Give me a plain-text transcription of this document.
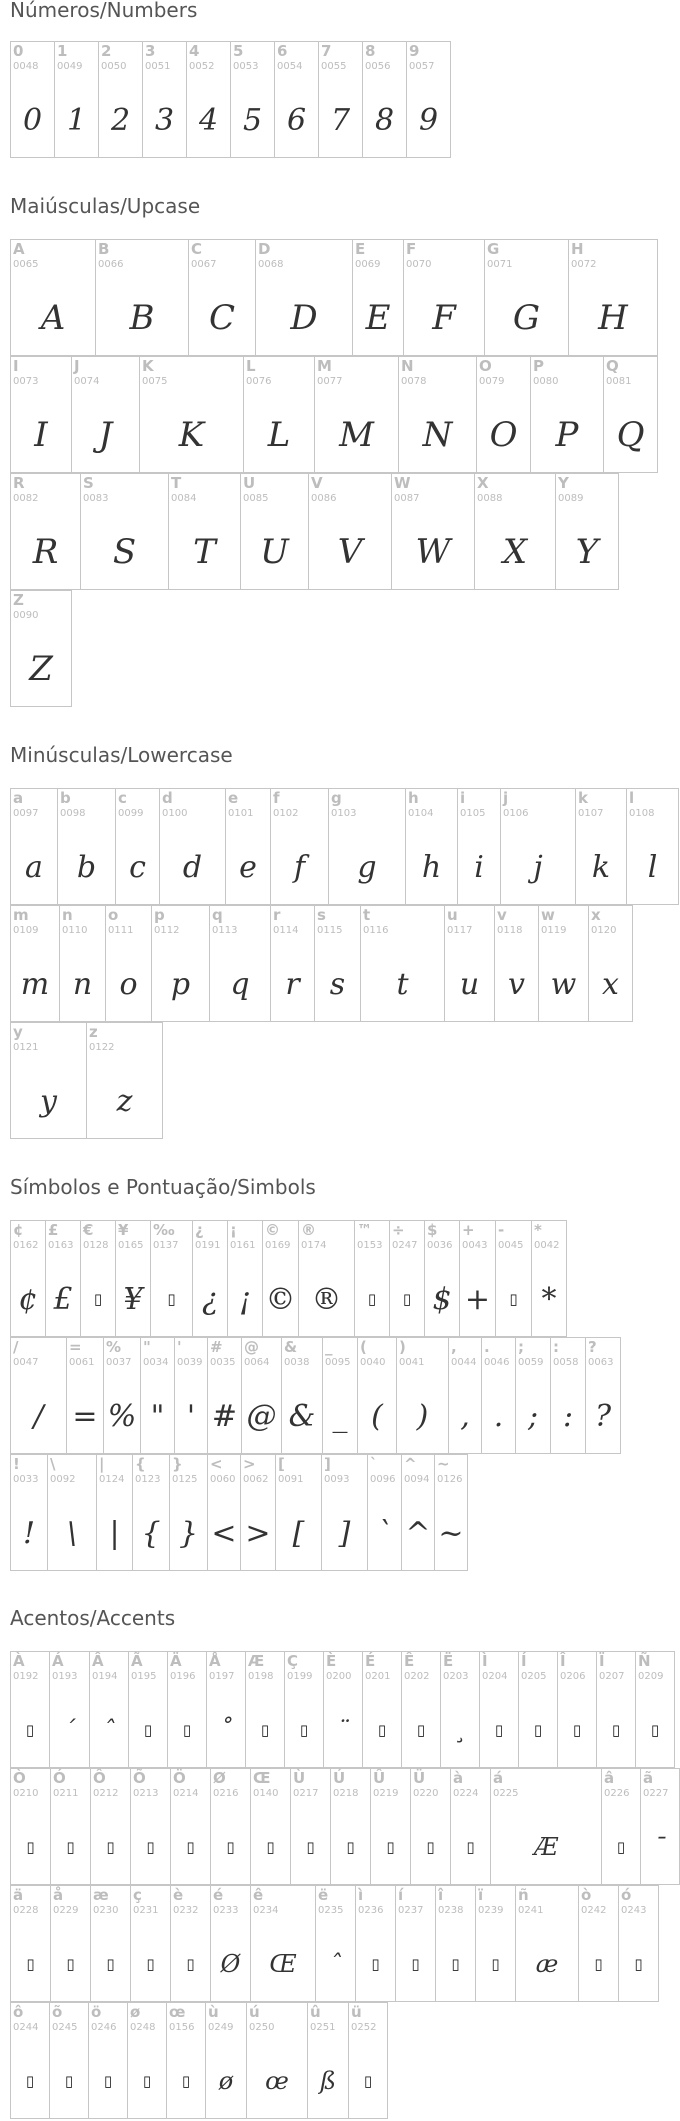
Números/Numbers
Maiúsculas/Upcase
Minúsculas/Lowercase
Símbolos e Pontuação/Simbols
Acentos/Accents
0
0048
0
1
0049
1
2
0050
2
3
0051
3
4
0052
4
5
0053
5
6
0054
6
7
0055
7
8
0056
8
9
0057
9
A
0065
A
B
0066
B
C
0067
C
D
0068
D
E
0069
E
F
0070
F
G
0071
G
H
0072
H
I
0073
I
J
0074
J
K
0075
K
L
0076
L
M
0077
M
N
0078
N
O
0079
O
P
0080
P
Q
0081
Q
R
0082
R
S
0083
S
T
0084
T
U
0085
U
V
0086
V
W
0087
W
X
0088
X
Y
0089
Y
Z
0090
Z
a
0097
a
b
0098
b
c
0099
c
d
0100
d
e
0101
e
f
0102
f
g
0103
g
h
0104
h
i
0105
i
j
0106
j
k
0107
k
l
0108
l
m
0109
m
n
0110
n
o
0111
o
p
0112
p
q
0113
q
r
0114
r
s
0115
s
t
0116
t
u
0117
u
v
0118
v
w
0119
w
x
0120
x
y
0121
y
z
0122
z
¢
0162
¢
£
0163
£
€
0128
▯
¥
0165
¥
‰
0137
▯
¿
0191
¿
¡
0161
¡
©
0169
©
®
0174
®
™
0153
▯
÷
0247
▯
$
0036
$
+
0043
+
-
0045
▯
*
0042
*
/
0047
/
=
0061
=
%
0037
%
"
0034
"
'
0039
'
#
0035
#
@
0064
@
&
0038
&
_
0095
_
(
0040
(
)
0041
)
,
0044
,
.
0046
.
;
0059
;
:
0058
:
?
0063
?
!
0033
!
\
0092
\
|
0124
|
{
0123
{
}
0125
}
<
0060
<
>
0062
>
[
0091
[
]
0093
]
`
0096
`
^
0094
^
~
0126
~
À
0192
▯
Á
0193
´
Â
0194
ˆ
Ã
0195
▯
Ä
0196
▯
Å
0197
˚
Æ
0198
▯
Ç
0199
▯
È
0200
¨
É
0201
▯
Ê
0202
▯
Ë
0203
¸
Ì
0204
▯
Í
0205
▯
Î
0206
▯
Ï
0207
▯
Ñ
0209
▯
Ò
0210
▯
Ó
0211
▯
Ô
0212
▯
Õ
0213
▯
Ö
0214
▯
Ø
0216
▯
Œ
0140
▯
Ù
0217
▯
Ú
0218
▯
Û
0219
▯
Ü
0220
▯
à
0224
▯
á
0225
Æ
â
0226
▯
ã
0227
ˉ
ä
0228
▯
å
0229
▯
æ
0230
▯
ç
0231
▯
è
0232
▯
é
0233
Ø
ê
0234
Œ
ë
0235
ˆ
ì
0236
▯
í
0237
▯
î
0238
▯
ï
0239
▯
ñ
0241
æ
ò
0242
▯
ó
0243
▯
ô
0244
▯
õ
0245
▯
ö
0246
▯
ø
0248
▯
œ
0156
▯
ù
0249
ø
ú
0250
œ
û
0251
ß
ü
0252
▯
